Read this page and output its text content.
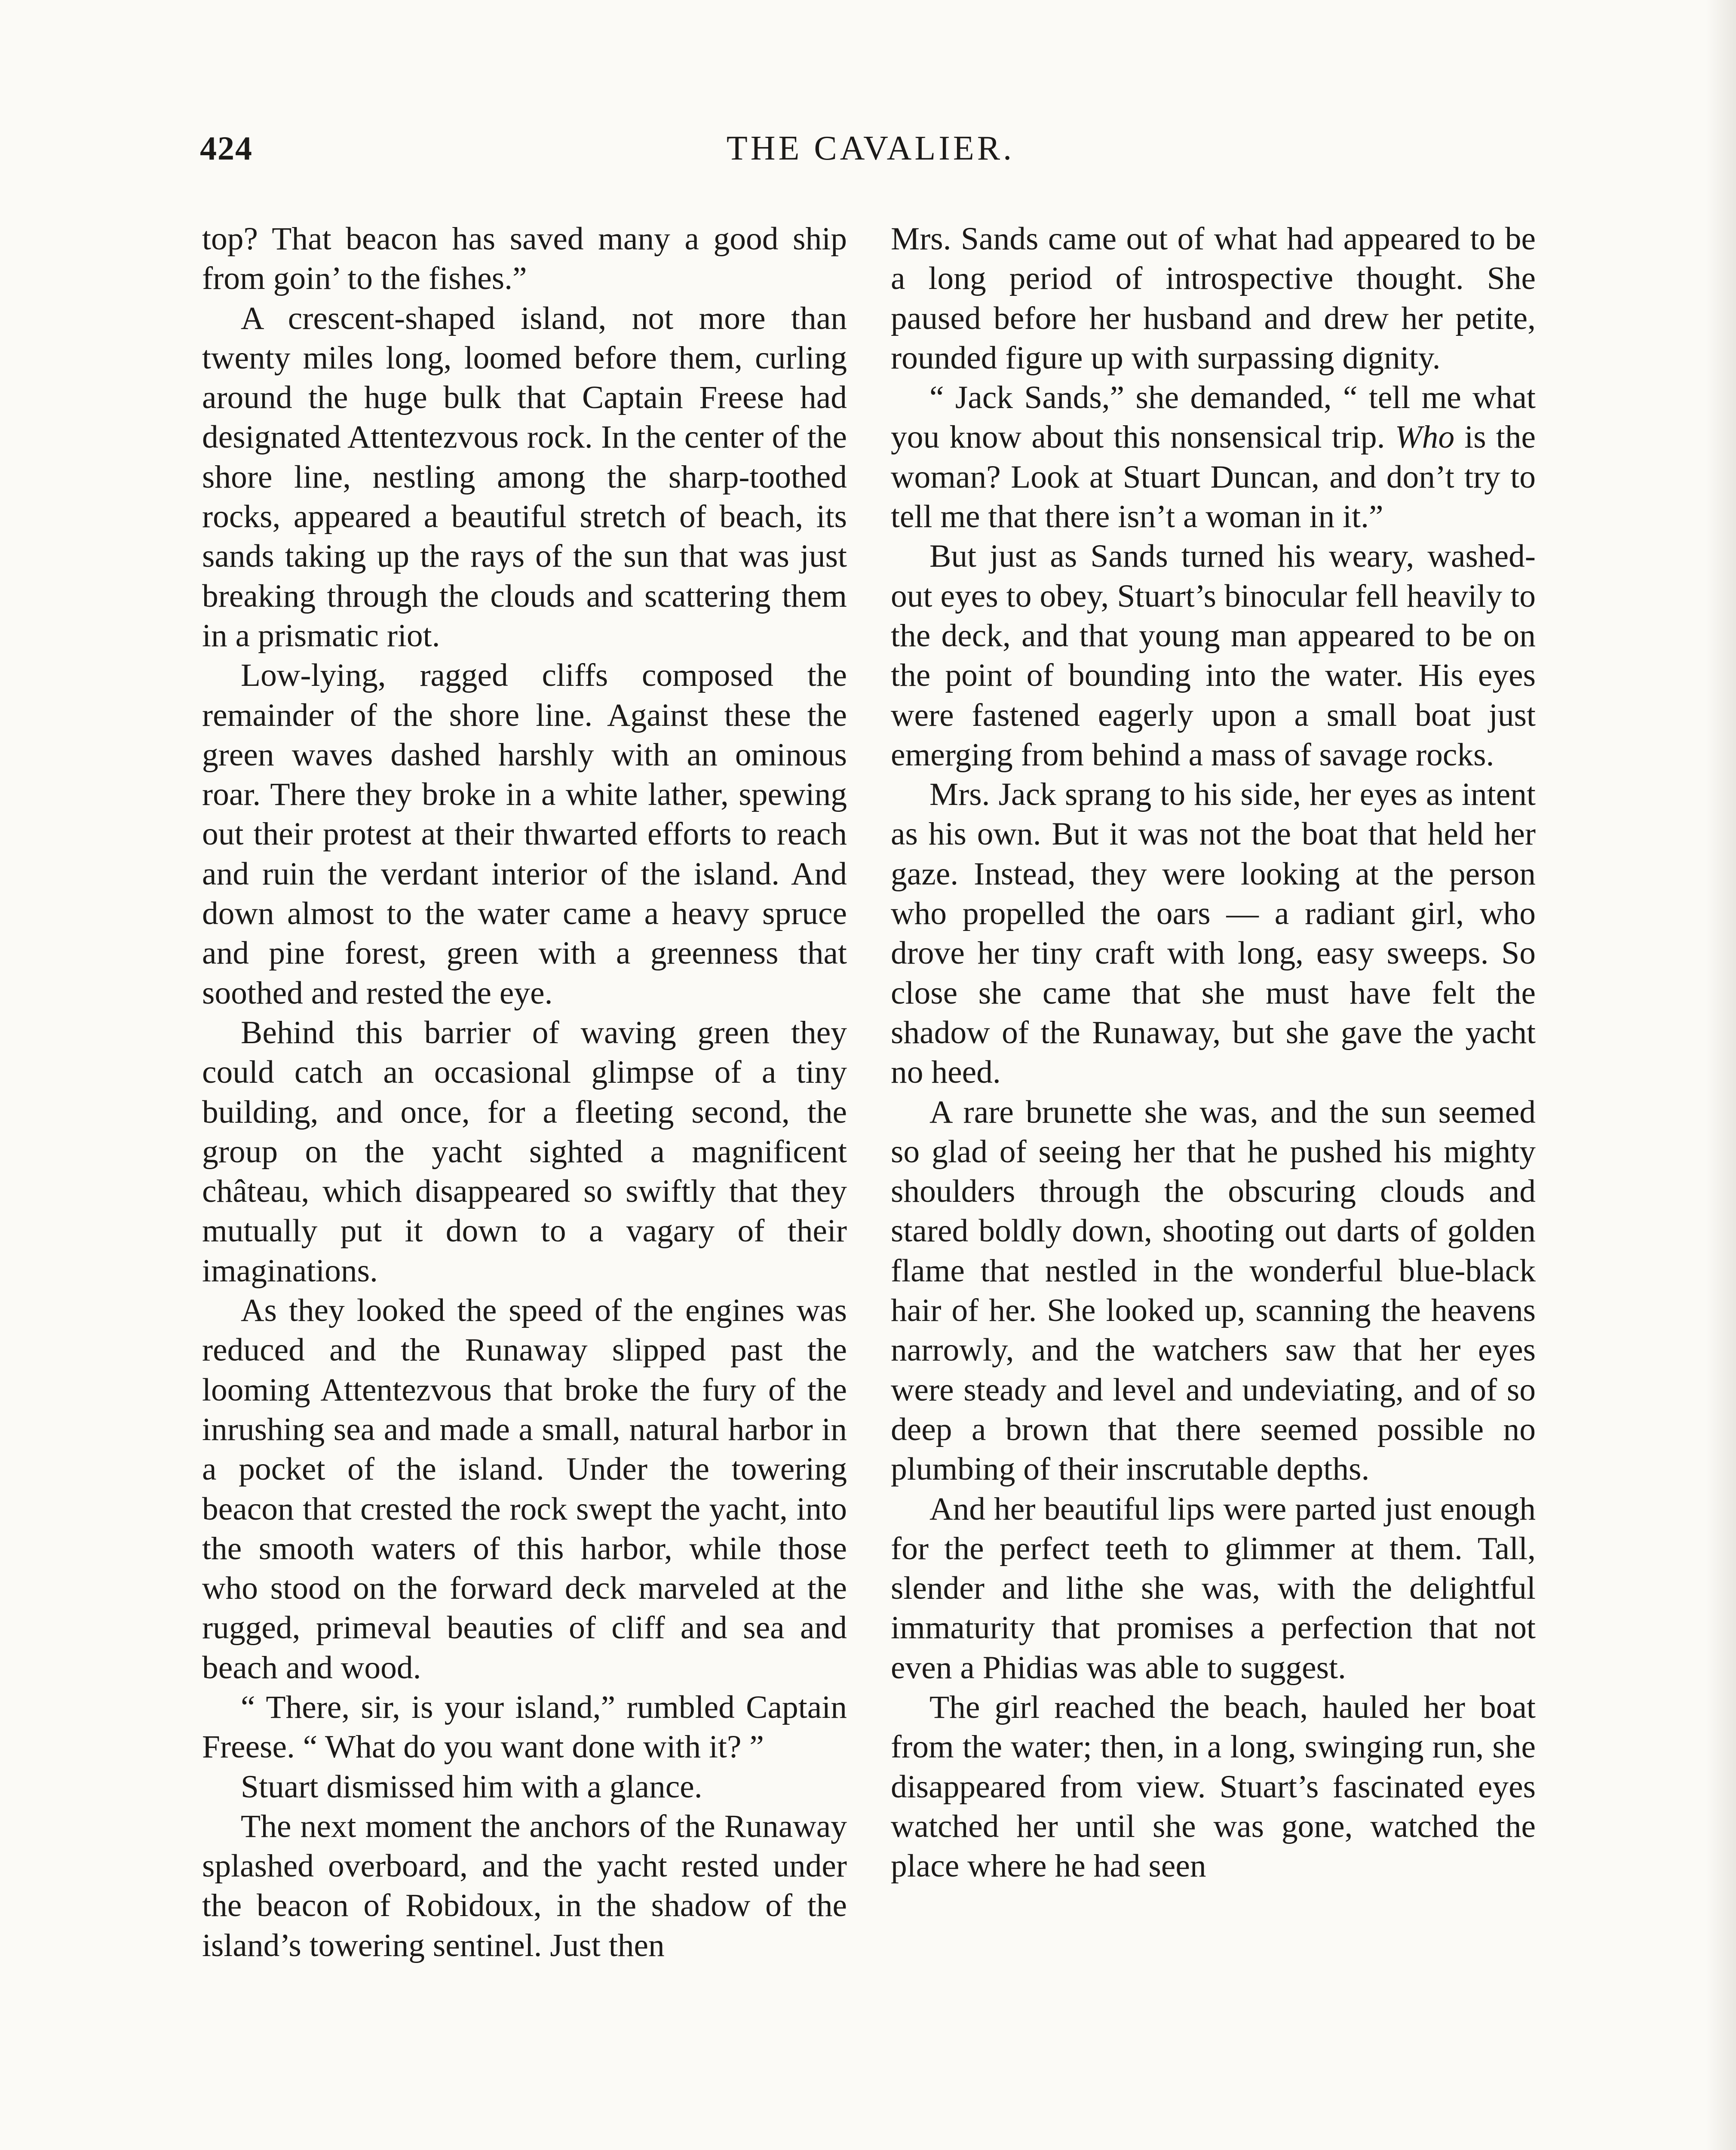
424	THE CAVALIER.

top? That beacon has saved many a good ship from goin’ to the fishes.”

A crescent-shaped island, not more than twenty miles long, loomed before them, curling around the huge bulk that Captain Freese had designated Attentezvous rock. In the center of the shore line, nestling among the sharp-toothed rocks, appeared a beautiful stretch of beach, its sands taking up the rays of the sun that was just breaking through the clouds and scattering them in a prismatic riot.

Low-lying, ragged cliffs composed the remainder of the shore line. Against these the green waves dashed harshly with an ominous roar. There they broke in a white lather, spewing out their protest at their thwarted efforts to reach and ruin the verdant interior of the island. And down almost to the water came a heavy spruce and pine forest, green with a greenness that soothed and rested the eye.

Behind this barrier of waving green they could catch an occasional glimpse of a tiny building, and once, for a fleeting second, the group on the yacht sighted a magnificent château, which disappeared so swiftly that they mutually put it down to a vagary of their imaginations.

As they looked the speed of the engines was reduced and the Runaway slipped past the looming Attentezvous that broke the fury of the inrushing sea and made a small, natural harbor in a pocket of the island. Under the towering beacon that crested the rock swept the yacht, into the smooth waters of this harbor, while those who stood on the forward deck marveled at the rugged, primeval beauties of cliff and sea and beach and wood.

“ There, sir, is your island,” rumbled Captain Freese. “ What do you want done with it? ”

Stuart dismissed him with a glance.

The next moment the anchors of the Runaway splashed overboard, and the yacht rested under the beacon of Robidoux, in the shadow of the island’s towering sentinel. Just then

Mrs. Sands came out of what had appeared to be a long period of introspective thought. She paused before her husband and drew her petite, rounded figure up with surpassing dignity.

“ Jack Sands,” she demanded, “ tell me what you know about this nonsensical trip. Who is the woman? Look at Stuart Duncan, and don’t try to tell me that there isn’t a woman in it.”

But just as Sands turned his weary, washed-out eyes to obey, Stuart’s binocular fell heavily to the deck, and that young man appeared to be on the point of bounding into the water. His eyes were fastened eagerly upon a small boat just emerging from behind a mass of savage rocks.

Mrs. Jack sprang to his side, her eyes as intent as his own. But it was not the boat that held her gaze. Instead, they were looking at the person who propelled the oars — a radiant girl, who drove her tiny craft with long, easy sweeps. So close she came that she must have felt the shadow of the Runaway, but she gave the yacht no heed.

A rare brunette she was, and the sun seemed so glad of seeing her that he pushed his mighty shoulders through the obscuring clouds and stared boldly down, shooting out darts of golden flame that nestled in the wonderful blue-black hair of her. She looked up, scanning the heavens narrowly, and the watchers saw that her eyes were steady and level and undeviating, and of so deep a brown that there seemed possible no plumbing of their inscrutable depths.

And her beautiful lips were parted just enough for the perfect teeth to glimmer at them. Tall, slender and lithe she was, with the delightful immaturity that promises a perfection that not even a Phidias was able to suggest.

The girl reached the beach, hauled her boat from the water; then, in a long, swinging run, she disappeared from view. Stuart’s fascinated eyes watched her until she was gone, watched the place where he had seen
